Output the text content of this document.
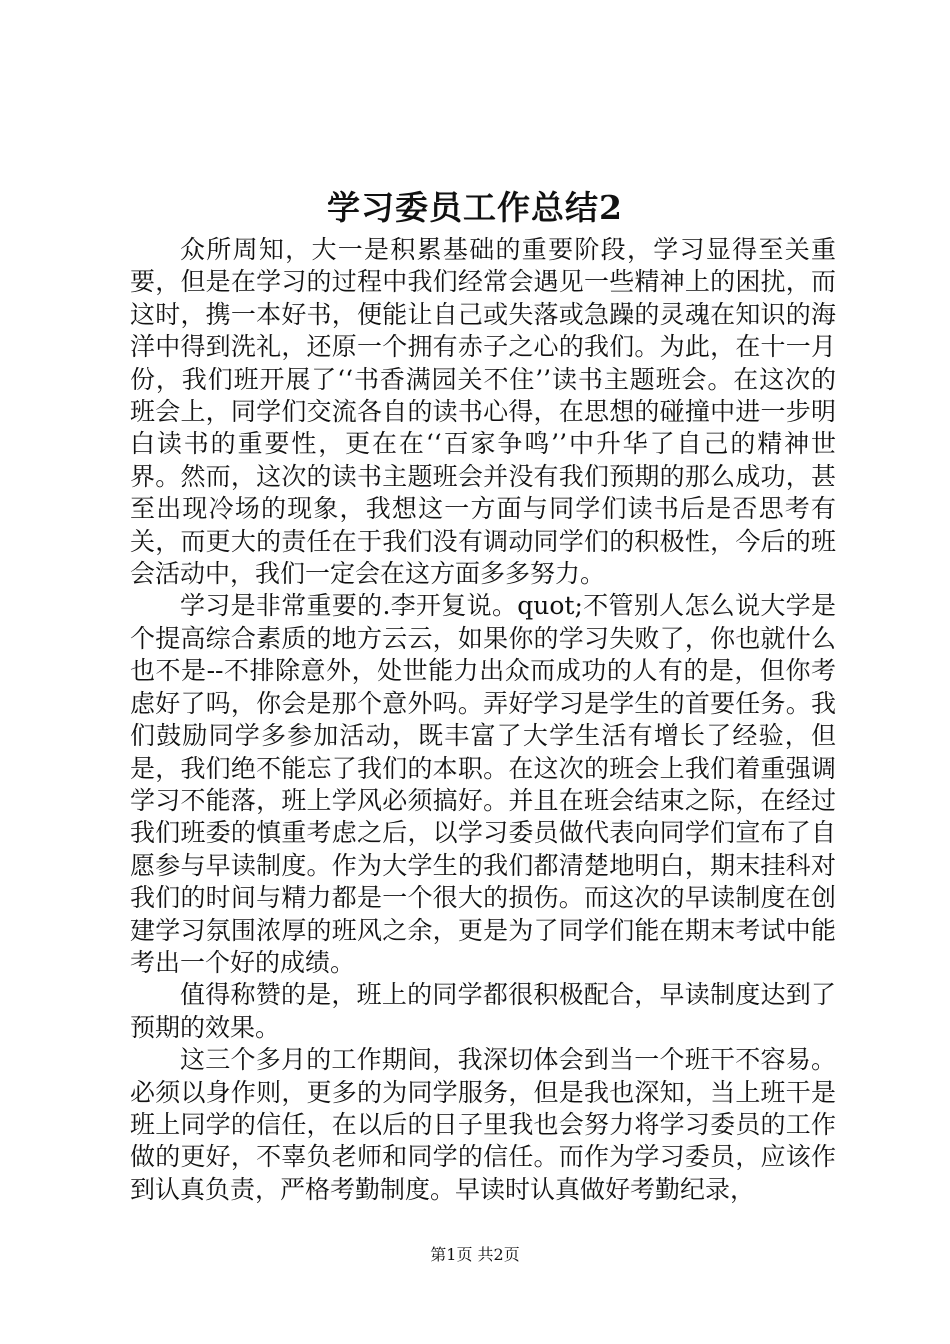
学习委员工作总结2

众所周知，大一是积累基础的重要阶段，学习显得至关重要，但是在学习的过程中我们经常会遇见一些精神上的困扰，而这时，携一本好书，便能让自己或失落或急躁的灵魂在知识的海洋中得到洗礼，还原一个拥有赤子之心的我们。为此，在十一月份，我们班开展了‘‘书香满园关不住’’读书主题班会。在这次的班会上，同学们交流各自的读书心得，在思想的碰撞中进一步明白读书的重要性，更在在‘‘百家争鸣’’中升华了自己的精神世界。然而，这次的读书主题班会并没有我们预期的那么成功，甚至出现冷场的现象，我想这一方面与同学们读书后是否思考有关，而更大的责任在于我们没有调动同学们的积极性，今后的班会活动中，我们一定会在这方面多多努力。

学习是非常重要的.李开复说。quot;不管别人怎么说大学是个提高综合素质的地方云云，如果你的学习失败了，你也就什么也不是--不排除意外，处世能力出众而成功的人有的是，但你考虑好了吗，你会是那个意外吗。弄好学习是学生的首要任务。我们鼓励同学多参加活动，既丰富了大学生活有增长了经验，但是，我们绝不能忘了我们的本职。在这次的班会上我们着重强调学习不能落，班上学风必须搞好。并且在班会结束之际，在经过我们班委的慎重考虑之后，以学习委员做代表向同学们宣布了自愿参与早读制度。作为大学生的我们都清楚地明白，期末挂科对我们的时间与精力都是一个很大的损伤。而这次的早读制度在创建学习氛围浓厚的班风之余，更是为了同学们能在期末考试中能考出一个好的成绩。

值得称赞的是，班上的同学都很积极配合，早读制度达到了预期的效果。

这三个多月的工作期间，我深切体会到当一个班干不容易。必须以身作则，更多的为同学服务，但是我也深知，当上班干是班上同学的信任，在以后的日子里我也会努力将学习委员的工作做的更好，不辜负老师和同学的信任。而作为学习委员，应该作到认真负责，严格考勤制度。早读时认真做好考勤纪录，

第1页 共2页
